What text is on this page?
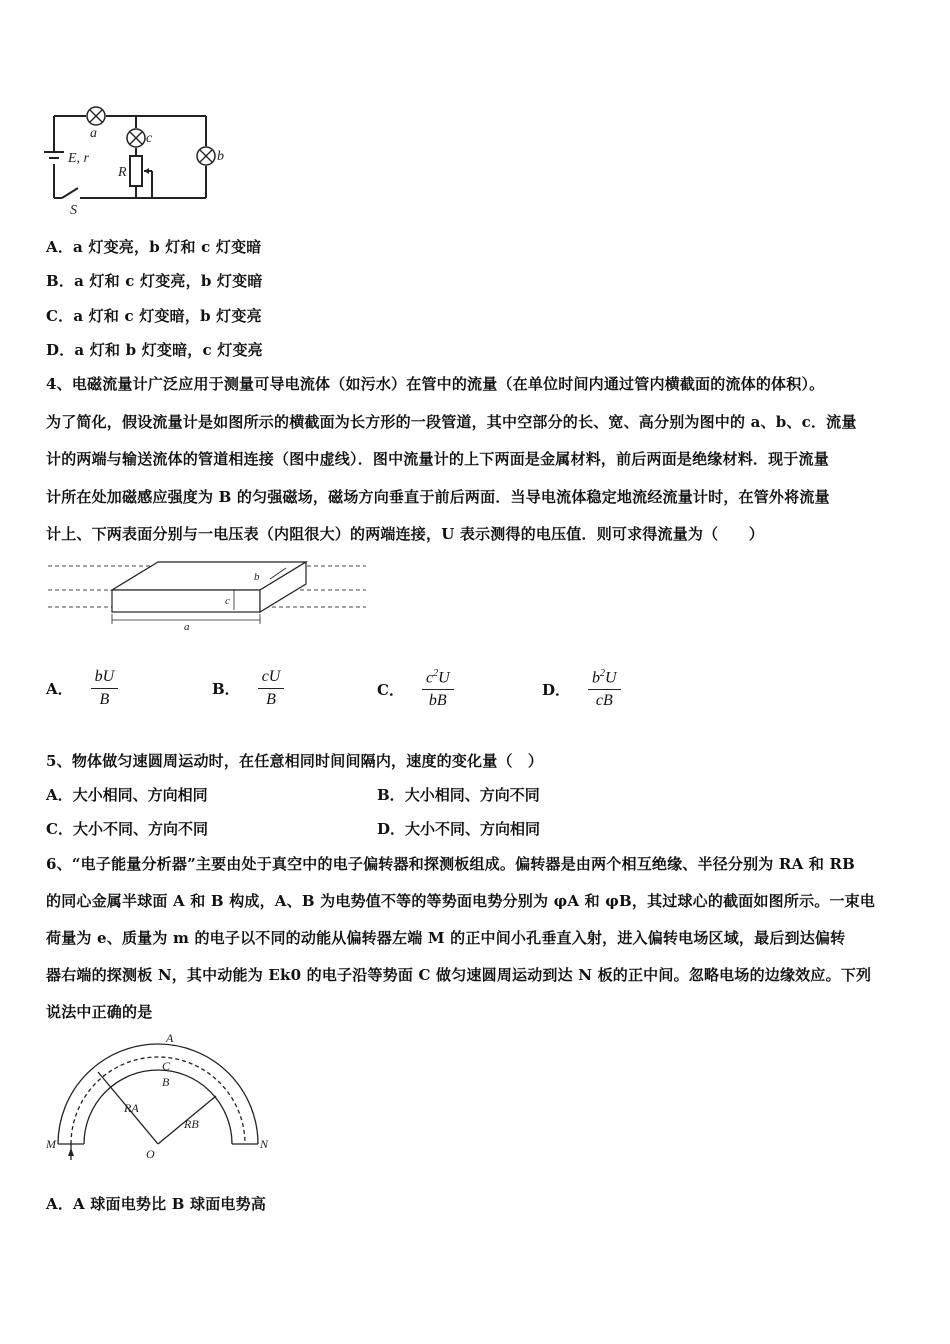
a	c
b
R
E, r
S
A．a 灯变亮，b 灯和 c 灯变暗
B．a 灯和 c 灯变亮，b 灯变暗
C．a 灯和 c 灯变暗，b 灯变亮
D．a 灯和 b 灯变暗，c 灯变亮
4、电磁流量计广泛应用于测量可导电流体（如污水）在管中的流量（在单位时间内通过管内横截面的流体的体积）。
为了简化，假设流量计是如图所示的横截面为长方形的一段管道，其中空部分的长、宽、高分别为图中的 a、b、c．流量
计的两端与输送流体的管道相连接（图中虚线）．图中流量计的上下两面是金属材料，前后两面是绝缘材料．现于流量
计所在处加磁感应强度为 B 的匀强磁场，磁场方向垂直于前后两面．当导电流体稳定地流经流量计时，在管外将流量
计上、下两表面分别与一电压表（内阻很大）的两端连接，U 表示测得的电压值．则可求得流量为（　　）
b
c
a
A． $\frac{bU}{B}$	B． $\frac{cU}{B}$	C． $\frac{c^2U}{bB}$	D． $\frac{b^2U}{cB}$
5、物体做匀速圆周运动时，在任意相同时间间隔内，速度的变化量（　）
A．大小相同、方向相同	B．大小相同、方向不同
C．大小不同、方向不同	D．大小不同、方向相同
6、“电子能量分析器”主要由处于真空中的电子偏转器和探测板组成。偏转器是由两个相互绝缘、半径分别为 RA 和 RB
的同心金属半球面 A 和 B 构成，A、B 为电势值不等的等势面电势分别为 φA 和 φB，其过球心的截面如图所示。一束电
荷量为 e、质量为 m 的电子以不同的动能从偏转器左端 M 的正中间小孔垂直入射，进入偏转电场区域，最后到达偏转
器右端的探测板 N，其中动能为 Ek0 的电子沿等势面 C 做匀速圆周运动到达 N 板的正中间。忽略电场的边缘效应。下列
说法中正确的是
A
C
B
RA
RB
O
M	N
A．A 球面电势比 B 球面电势高
